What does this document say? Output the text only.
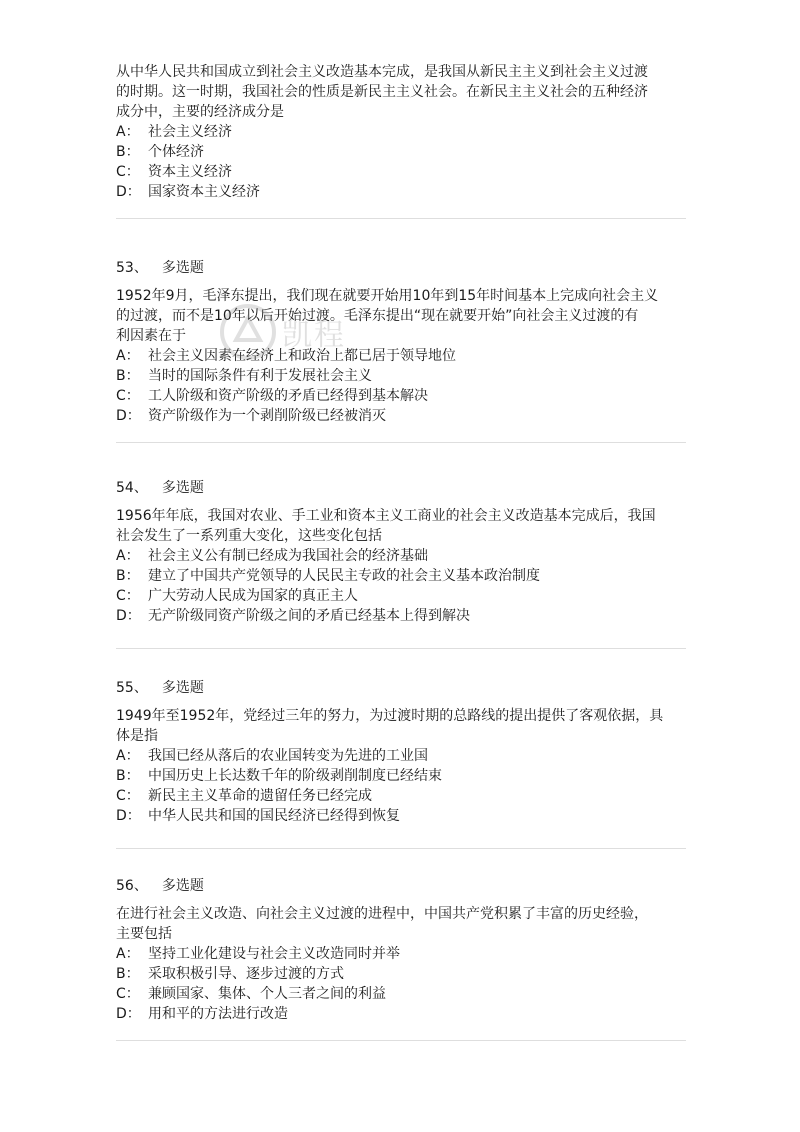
从中华人民共和国成立到社会主义改造基本完成，是我国从新民主主义到社会主义过渡
的时期。这一时期，我国社会的性质是新民主主义社会。在新民主主义社会的五种经济
成分中，主要的经济成分是
A： 社会主义经济
B： 个体经济
C： 资本主义经济
D： 国家资本主义经济
53、 多选题
1952年9月，毛泽东提出，我们现在就要开始用10年到15年时间基本上完成向社会主义
的过渡，而不是10年以后开始过渡。毛泽东提出“现在就要开始”向社会主义过渡的有
利因素在于
A： 社会主义因素在经济上和政治上都已居于领导地位
B： 当时的国际条件有利于发展社会主义
C： 工人阶级和资产阶级的矛盾已经得到基本解决
D： 资产阶级作为一个剥削阶级已经被消灭
54、 多选题
1956年年底，我国对农业、手工业和资本主义工商业的社会主义改造基本完成后，我国
社会发生了一系列重大变化，这些变化包括
A： 社会主义公有制已经成为我国社会的经济基础
B： 建立了中国共产党领导的人民民主专政的社会主义基本政治制度
C： 广大劳动人民成为国家的真正主人
D： 无产阶级同资产阶级之间的矛盾已经基本上得到解决
55、 多选题
1949年至1952年，党经过三年的努力，为过渡时期的总路线的提出提供了客观依据，具
体是指
A： 我国已经从落后的农业国转变为先进的工业国
B： 中国历史上长达数千年的阶级剥削制度已经结束
C： 新民主主义革命的遗留任务已经完成
D： 中华人民共和国的国民经济已经得到恢复
56、 多选题
在进行社会主义改造、向社会主义过渡的进程中，中国共产党积累了丰富的历史经验，
主要包括
A： 坚持工业化建设与社会主义改造同时并举
B： 采取积极引导、逐步过渡的方式
C： 兼顾国家、集体、个人三者之间的利益
D： 用和平的方法进行改造
凯程
